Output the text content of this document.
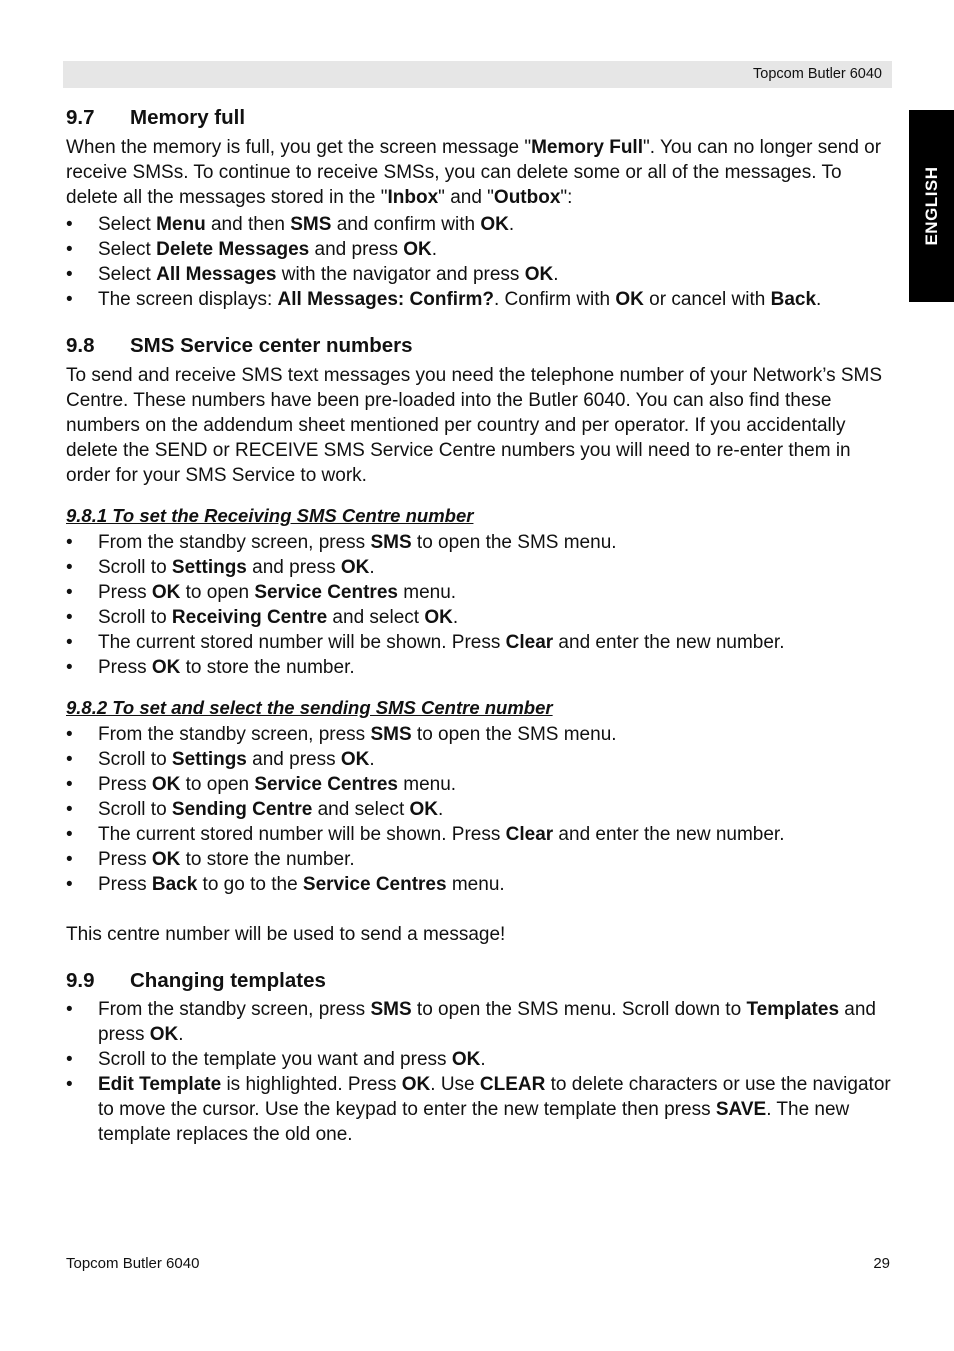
Topcom Butler 6040
ENGLISH
9.7 Memory full

When the memory is full, you get the screen message "Memory Full". You can no longer send or receive SMSs. To continue to receive SMSs, you can delete some or all of the messages. To delete all the messages stored in the "Inbox" and "Outbox":

• Select Menu and then SMS and confirm with OK.
• Select Delete Messages and press OK.
• Select All Messages with the navigator and press OK.
• The screen displays: All Messages: Confirm?. Confirm with OK or cancel with Back.
9.8 SMS Service center numbers

To send and receive SMS text messages you need the telephone number of your Network’s SMS Centre. These numbers have been pre-loaded into the Butler 6040. You can also find these numbers on the addendum sheet mentioned per country and per operator. If you accidentally delete the SEND or RECEIVE SMS Service Centre numbers you will need to re-enter them in order for your SMS Service to work.

9.8.1 To set the Receiving SMS Centre number
• From the standby screen, press SMS to open the SMS menu.
• Scroll to Settings and press OK.
• Press OK to open Service Centres menu.
• Scroll to Receiving Centre and select OK.
• The current stored number will be shown. Press Clear and enter the new number.
• Press OK to store the number.
9.8.2 To set and select the sending SMS Centre number
• From the standby screen, press SMS to open the SMS menu.
• Scroll to Settings and press OK.
• Press OK to open Service Centres menu.
• Scroll to Sending Centre and select OK.
• The current stored number will be shown. Press Clear and enter the new number.
• Press OK to store the number.
• Press Back to go to the Service Centres menu.

This centre number will be used to send a message!

9.9 Changing templates
• From the standby screen, press SMS to open the SMS menu. Scroll down to Templates and press OK.
• Scroll to the template you want and press OK.
• Edit Template is highlighted. Press OK. Use CLEAR to delete characters or use the navigator to move the cursor. Use the keypad to enter the new template then press SAVE. The new template replaces the old one.
Topcom Butler 6040	29
